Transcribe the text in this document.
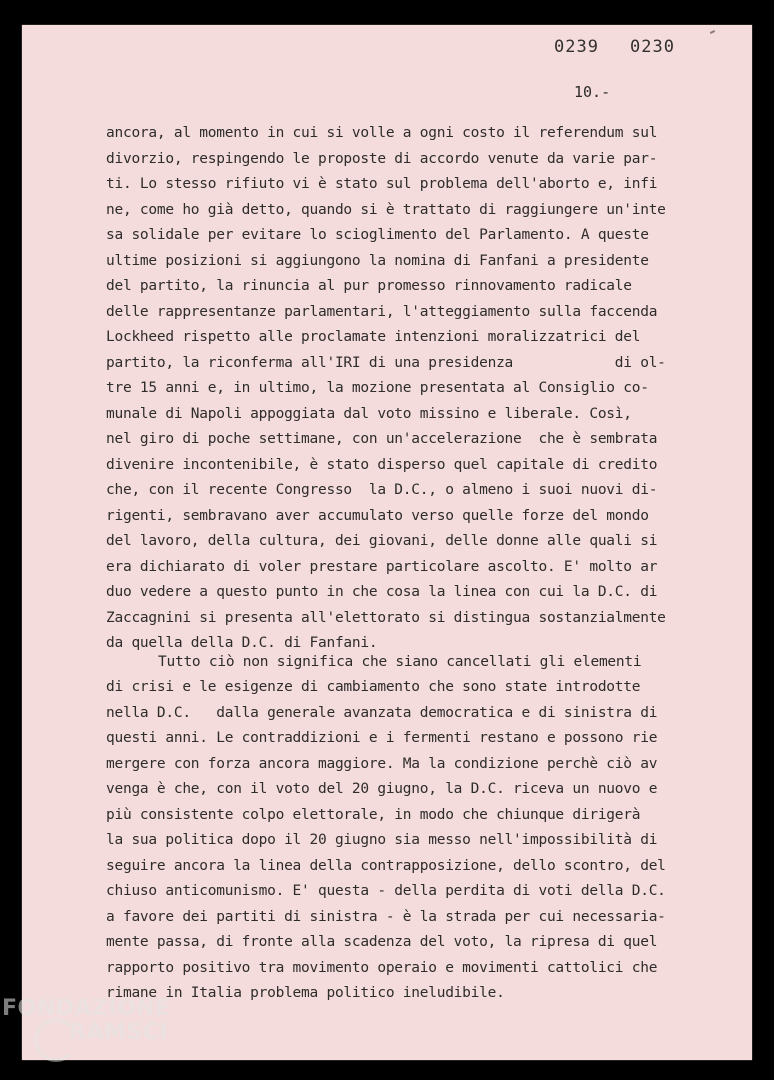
0239 0230
10.-
ancora, al momento in cui si volle a ogni costo il referendum sul
divorzio, respingendo le proposte di accordo venute da varie par-
ti. Lo stesso rifiuto vi è stato sul problema dell'aborto e, infi
ne, come ho già detto, quando si è trattato di raggiungere un'inte
sa solidale per evitare lo scioglimento del Parlamento. A queste
ultime posizioni si aggiungono la nomina di Fanfani a presidente
del partito, la rinuncia al pur promesso rinnovamento radicale
delle rappresentanze parlamentari, l'atteggiamento sulla faccenda
Lockheed rispetto alle proclamate intenzioni moralizzatrici del
partito, la riconferma all'IRI di una presidenza            di ol-
tre 15 anni e, in ultimo, la mozione presentata al Consiglio co-
munale di Napoli appoggiata dal voto missino e liberale. Così,
nel giro di poche settimane, con un'accelerazione  che è sembrata
divenire incontenibile, è stato disperso quel capitale di credito
che, con il recente Congresso  la D.C., o almeno i suoi nuovi di-
rigenti, sembravano aver accumulato verso quelle forze del mondo
del lavoro, della cultura, dei giovani, delle donne alle quali si
era dichiarato di voler prestare particolare ascolto. E' molto ar
duo vedere a questo punto in che cosa la linea con cui la D.C. di
Zaccagnini si presenta all'elettorato si distingua sostanzialmente
da quella della D.C. di Fanfani.
Tutto ciò non significa che siano cancellati gli elementi
di crisi e le esigenze di cambiamento che sono state introdotte
nella D.C.   dalla generale avanzata democratica e di sinistra di
questi anni. Le contraddizioni e i fermenti restano e possono rie
mergere con forza ancora maggiore. Ma la condizione perchè ciò av
venga è che, con il voto del 20 giugno, la D.C. riceva un nuovo e
più consistente colpo elettorale, in modo che chiunque dirigerà
la sua politica dopo il 20 giugno sia messo nell'impossibilità di
seguire ancora la linea della contrapposizione, dello scontro, del
chiuso anticomunismo. E' questa - della perdita di voti della D.C.
a favore dei partiti di sinistra - è la strada per cui necessaria-
mente passa, di fronte alla scadenza del voto, la ripresa di quel
rapporto positivo tra movimento operaio e movimenti cattolici che
rimane in Italia problema politico ineludibile.
FONDAZIONE
RAMSCI
